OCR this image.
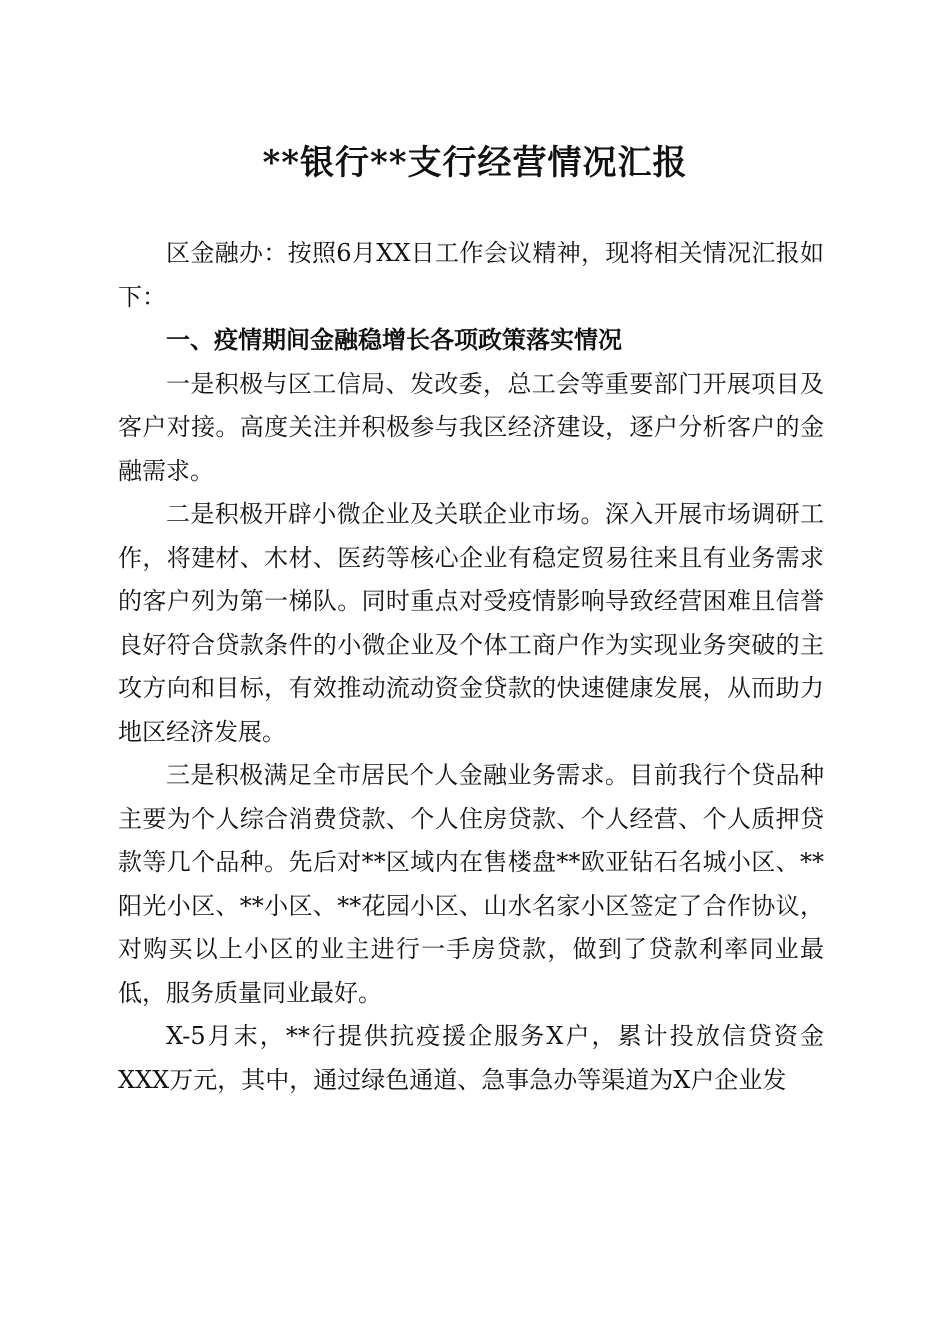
**银行**支行经营情况汇报

区金融办：按照6月XX日工作会议精神，现将相关情况汇报如下：

一、疫情期间金融稳增长各项政策落实情况

一是积极与区工信局、发改委，总工会等重要部门开展项目及客户对接。高度关注并积极参与我区经济建设，逐户分析客户的金融需求。

二是积极开辟小微企业及关联企业市场。深入开展市场调研工作，将建材、木材、医药等核心企业有稳定贸易往来且有业务需求的客户列为第一梯队。同时重点对受疫情影响导致经营困难且信誉良好符合贷款条件的小微企业及个体工商户作为实现业务突破的主攻方向和目标，有效推动流动资金贷款的快速健康发展，从而助力地区经济发展。

三是积极满足全市居民个人金融业务需求。目前我行个贷品种主要为个人综合消费贷款、个人住房贷款、个人经营、个人质押贷款等几个品种。先后对**区域内在售楼盘**欧亚钻石名城小区、**阳光小区、**小区、**花园小区、山水名家小区签定了合作协议，对购买以上小区的业主进行一手房贷款，做到了贷款利率同业最低，服务质量同业最好。

X-5月末，**行提供抗疫援企服务X户，累计投放信贷资金XXX万元，其中，通过绿色通道、急事急办等渠道为X户企业发
